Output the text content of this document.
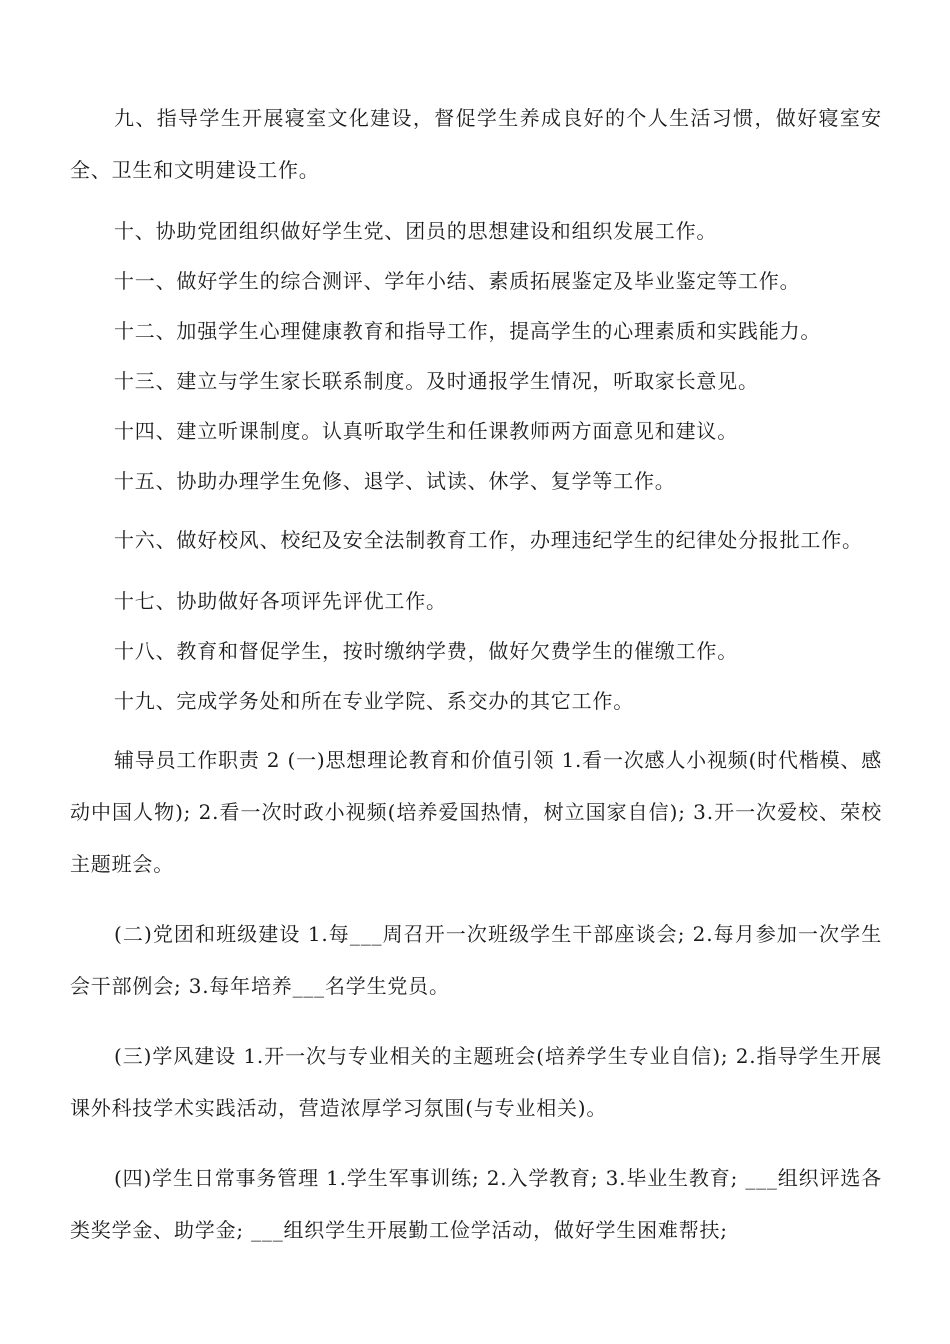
九、指导学生开展寝室文化建设，督促学生养成良好的个人生活习惯，做好寝室安全、卫生和文明建设工作。

十、协助党团组织做好学生党、团员的思想建设和组织发展工作。

十一、做好学生的综合测评、学年小结、素质拓展鉴定及毕业鉴定等工作。

十二、加强学生心理健康教育和指导工作，提高学生的心理素质和实践能力。

十三、建立与学生家长联系制度。及时通报学生情况，听取家长意见。

十四、建立听课制度。认真听取学生和任课教师两方面意见和建议。

十五、协助办理学生免修、退学、试读、休学、复学等工作。

十六、做好校风、校纪及安全法制教育工作，办理违纪学生的纪律处分报批工作。

十七、协助做好各项评先评优工作。

十八、教育和督促学生，按时缴纳学费，做好欠费学生的催缴工作。

十九、完成学务处和所在专业学院、系交办的其它工作。

辅导员工作职责 2 (一)思想理论教育和价值引领 1.看一次感人小视频(时代楷模、感动中国人物); 2.看一次时政小视频(培养爱国热情，树立国家自信); 3.开一次爱校、荣校主题班会。

(二)党团和班级建设 1.每___周召开一次班级学生干部座谈会; 2.每月参加一次学生会干部例会; 3.每年培养___名学生党员。

(三)学风建设 1.开一次与专业相关的主题班会(培养学生专业自信); 2.指导学生开展课外科技学术实践活动，营造浓厚学习氛围(与专业相关)。

(四)学生日常事务管理 1.学生军事训练; 2.入学教育; 3.毕业生教育; ___组织评选各类奖学金、助学金; ___组织学生开展勤工俭学活动，做好学生困难帮扶;
